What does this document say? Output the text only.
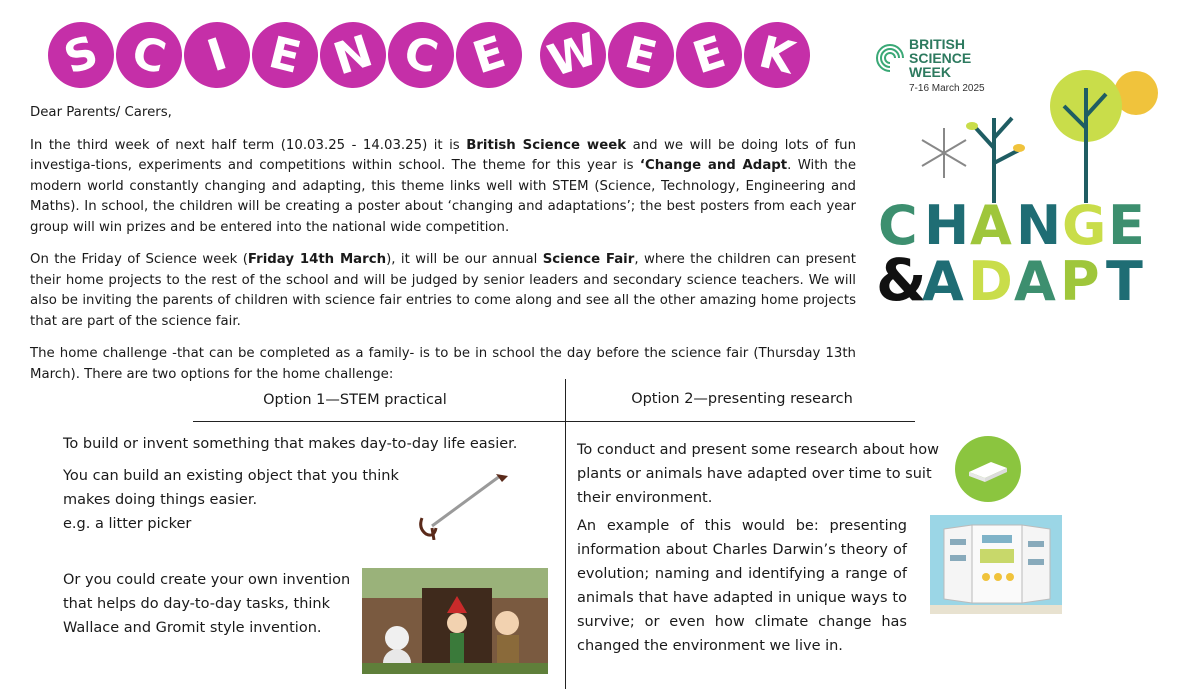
S C I E N C E W E E K	BRITISH
SCIENCE
WEEK
7-16 March 2025
C H A N G E
&
A D A P T

Dear Parents/ Carers,

In the third week of next half term (10.03.25 - 14.03.25) it is British Science week and we will be doing lots of fun investiga-tions, experiments and competitions within school. The theme for this year is ‘Change and Adapt. With the modern world constantly changing and adapting, this theme links well with STEM (Science, Technology, Engineering and Maths). In school, the children will be creating a poster about ‘changing and adaptations’; the best posters from each year group will win prizes and be entered into the national wide competition.

On the Friday of Science week (Friday 14th March), it will be our annual Science Fair, where the children can present their home projects to the rest of the school and will be judged by senior leaders and secondary science teachers. We will also be inviting the parents of children with science fair entries to come along and see all the other amazing home projects that are part of the science fair.

The home challenge -that can be completed as a family- is to be in school the day before the science fair (Thursday 13th March). There are two options for the home challenge:

Option 1—STEM practical	Option 2—presenting research
To build or invent something that makes day-to-day life easier.
You can build an existing object that you think makes doing things easier.
e.g. a litter picker
Or you could create your own invention that helps do day-to-day tasks, think Wallace and Gromit style invention.
To conduct and present some research about how plants or animals have adapted over time to suit their environment.
An example of this would be: presenting information about Charles Darwin’s theory of evolution; naming and identifying a range of animals that have adapted in unique ways to survive; or even how climate change has changed the environment we live in.
